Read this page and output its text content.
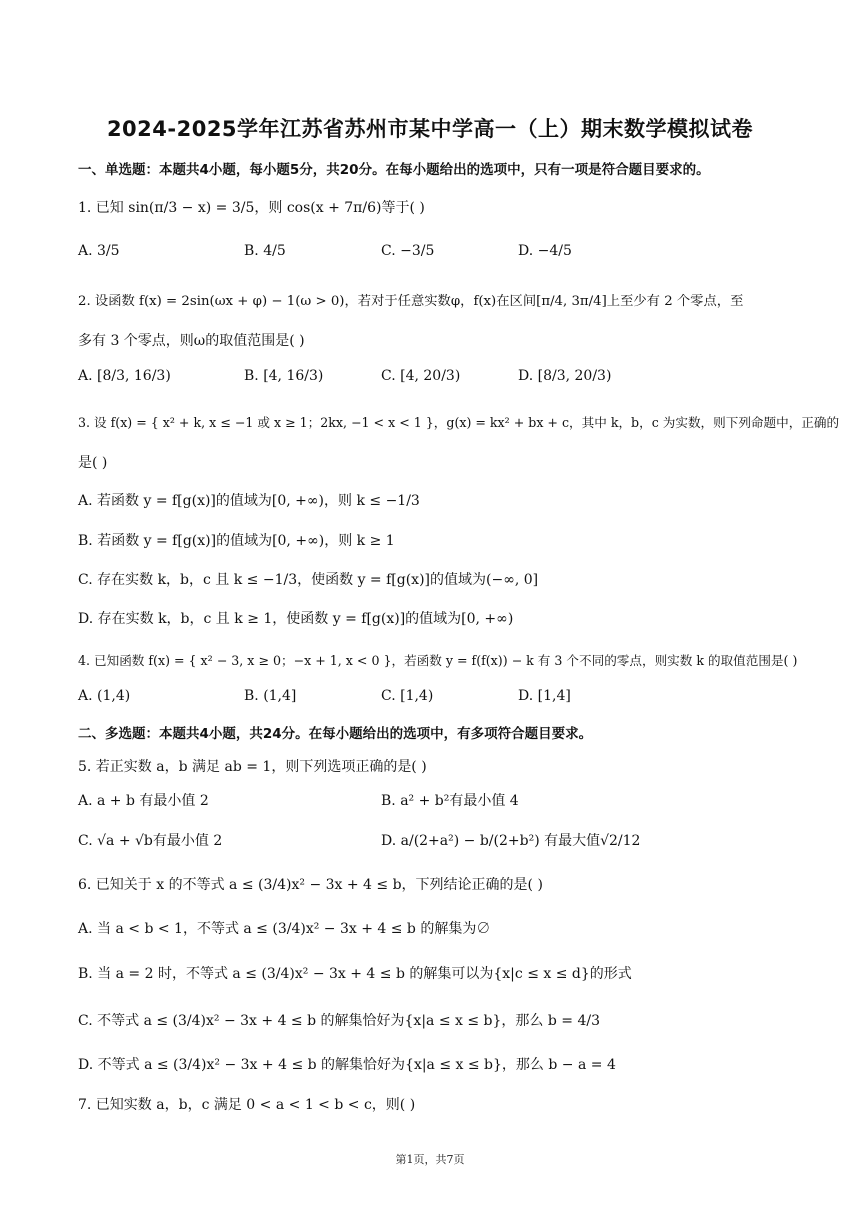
2024-2025学年江苏省苏州市某中学高一（上）期末数学模拟试卷
一、单选题：本题共4小题，每小题5分，共20分。在每小题给出的选项中，只有一项是符合题目要求的。
1. 已知 sin(π/3 − x) = 3/5，则 cos(x + 7π/6)等于( )
A. 3/5	B. 4/5	C. −3/5	D. −4/5
2. 设函数 f(x) = 2sin(ωx + φ) − 1(ω > 0)，若对于任意实数φ，f(x)在区间[π/4, 3π/4]上至少有 2 个零点，至
多有 3 个零点，则ω的取值范围是( )
A. [8/3, 16/3)	B. [4, 16/3)	C. [4, 20/3)	D. [8/3, 20/3)
3. 设 f(x) = { x² + k, x ≤ −1 或 x ≥ 1；2kx, −1 < x < 1 }，g(x) = kx² + bx + c，其中 k，b，c 为实数，则下列命题中，正确的
是( )
A. 若函数 y = f[g(x)]的值域为[0, +∞)，则 k ≤ −1/3
B. 若函数 y = f[g(x)]的值域为[0, +∞)，则 k ≥ 1
C. 存在实数 k，b，c 且 k ≤ −1/3，使函数 y = f[g(x)]的值域为(−∞, 0]
D. 存在实数 k，b，c 且 k ≥ 1，使函数 y = f[g(x)]的值域为[0, +∞)
4. 已知函数 f(x) = { x² − 3, x ≥ 0；−x + 1, x < 0 }，若函数 y = f(f(x)) − k 有 3 个不同的零点，则实数 k 的取值范围是( )
A. (1,4)	B. (1,4]	C. [1,4)	D. [1,4]
二、多选题：本题共4小题，共24分。在每小题给出的选项中，有多项符合题目要求。
5. 若正实数 a，b 满足 ab = 1，则下列选项正确的是( )
A. a + b 有最小值 2	B. a² + b²有最小值 4
C. √a + √b有最小值 2	D. a/(2+a²) − b/(2+b²) 有最大值√2/12
6. 已知关于 x 的不等式 a ≤ (3/4)x² − 3x + 4 ≤ b，下列结论正确的是( )
A. 当 a < b < 1，不等式 a ≤ (3/4)x² − 3x + 4 ≤ b 的解集为∅
B. 当 a = 2 时，不等式 a ≤ (3/4)x² − 3x + 4 ≤ b 的解集可以为{x|c ≤ x ≤ d}的形式
C. 不等式 a ≤ (3/4)x² − 3x + 4 ≤ b 的解集恰好为{x|a ≤ x ≤ b}，那么 b = 4/3
D. 不等式 a ≤ (3/4)x² − 3x + 4 ≤ b 的解集恰好为{x|a ≤ x ≤ b}，那么 b − a = 4
7. 已知实数 a，b，c 满足 0 < a < 1 < b < c，则( )
第1页，共7页
